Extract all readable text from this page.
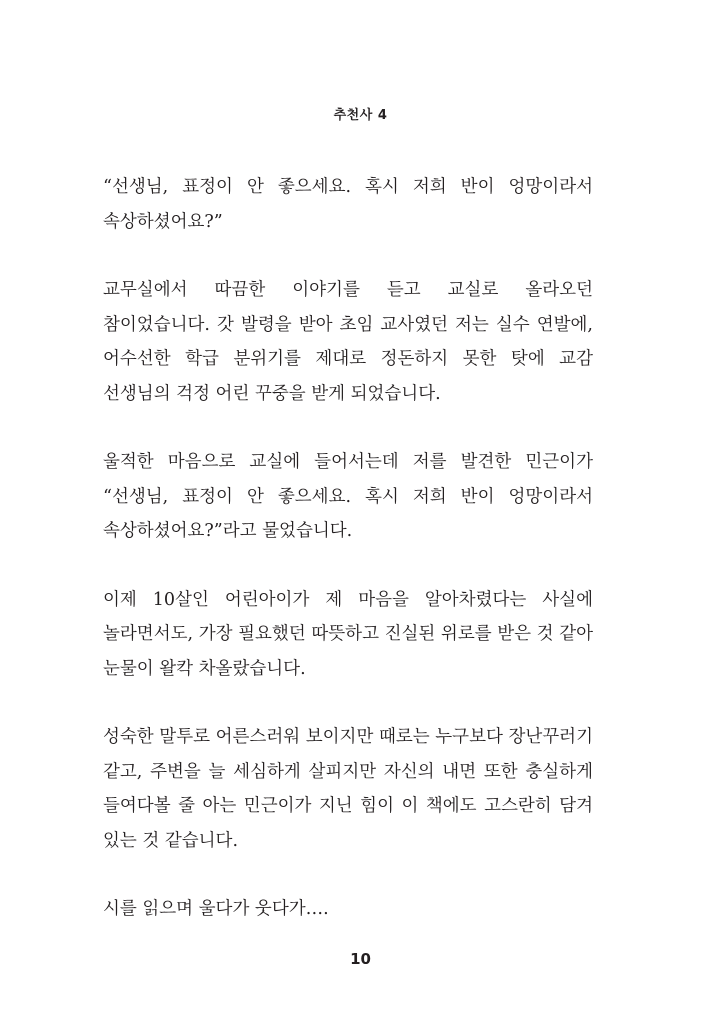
추천사 4

“선생님, 표정이 안 좋으세요. 혹시 저희 반이 엉망이라서 속상하셨어요?”

교무실에서 따끔한 이야기를 듣고 교실로 올라오던 참이었습니다. 갓 발령을 받아 초임 교사였던 저는 실수 연발에, 어수선한 학급 분위기를 제대로 정돈하지 못한 탓에 교감 선생님의 걱정 어린 꾸중을 받게 되었습니다.

울적한 마음으로 교실에 들어서는데 저를 발견한 민근이가 “선생님, 표정이 안 좋으세요. 혹시 저희 반이 엉망이라서 속상하셨어요?”라고 물었습니다.

이제 10살인 어린아이가 제 마음을 알아차렸다는 사실에 놀라면서도, 가장 필요했던 따뜻하고 진실된 위로를 받은 것 같아 눈물이 왈칵 차올랐습니다.

성숙한 말투로 어른스러워 보이지만 때로는 누구보다 장난꾸러기 같고, 주변을 늘 세심하게 살피지만 자신의 내면 또한 충실하게 들여다볼 줄 아는 민근이가 지닌 힘이 이 책에도 고스란히 담겨 있는 것 같습니다.

시를 읽으며 울다가 웃다가….

10
